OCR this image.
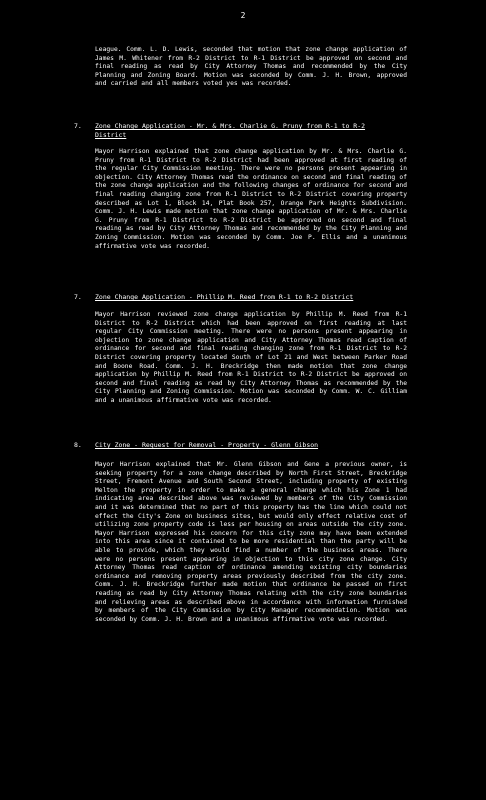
2

League. Comm. L. D. Lewis, seconded that motion that zone change application of James M. Whitener from R-2 District to R-1 District be approved on second and final reading as read by City Attorney Thomas and recommended by the City Planning and Zoning Board. Motion was seconded by Comm. J. H. Brown, approved and carried and all members voted yes was recorded.

7. Zone Change Application - Mr. & Mrs. Charlie G. Pruny from R-1 to R-2 District

Mayor Harrison explained that zone change application by Mr. & Mrs. Charlie G. Pruny from R-1 District to R-2 District had been approved at first reading of the regular City Commission meeting. There were no persons present appearing in objection. City Attorney Thomas read the ordinance on second and final reading of the zone change application and the following changes of ordinance for second and final reading changing zone from R-1 District to R-2 District covering property described as Lot 1, Block 14, Plat Book 257, Orange Park Heights Subdivision. Comm. J. H. Lewis made motion that zone change application of Mr. & Mrs. Charlie G. Pruny from R-1 District to R-2 District be approved on second and final reading as read by City Attorney Thomas and recommended by the City Planning and Zoning Commission. Motion was seconded by Comm. Joe P. Ellis and a unanimous affirmative vote was recorded.

7. Zone Change Application - Phillip M. Reed from R-1 to R-2 District

Mayor Harrison reviewed zone change application by Phillip M. Reed from R-1 District to R-2 District which had been approved on first reading at last regular City Commission meeting. There were no persons present appearing in objection to zone change application and City Attorney Thomas read caption of ordinance for second and final reading changing zone from R-1 District to R-2 District covering property located South of Lot 21 and West between Parker Road and Boone Road. Comm. J. H. Breckridge then made motion that zone change application by Phillip M. Reed from R-1 District to R-2 District be approved on second and final reading as read by City Attorney Thomas as recommended by the City Planning and Zoning Commission. Motion was seconded by Comm. W. C. Gilliam and a unanimous affirmative vote was recorded.

8. City Zone - Request for Removal - Property - Glenn Gibson

Mayor Harrison explained that Mr. Glenn Gibson and Gene a previous owner, is seeking property for a zone change described by North First Street, Breckridge Street, Fremont Avenue and South Second Street, including property of existing Melton the property in order to make a general change which his Zone 1 had indicating area described above was reviewed by members of the City Commission and it was determined that no part of this property has the line which could not effect the City's Zone on business sites, but would only effect relative cost of utilizing zone property code is less per housing on areas outside the city zone. Mayor Harrison expressed his concern for this city zone may have been extended into this area since it contained to be more residential than the party will be able to provide, which they would find a number of the business areas. There were no persons present appearing in objection to this city zone change. City Attorney Thomas read caption of ordinance amending existing city boundaries ordinance and removing property areas previously described from the city zone. Comm. J. H. Breckridge further made motion that ordinance be passed on first reading as read by City Attorney Thomas relating with the city zone boundaries and relieving areas as described above in accordance with information furnished by members of the City Commission by City Manager recommendation. Motion was seconded by Comm. J. H. Brown and a unanimous affirmative vote was recorded.
